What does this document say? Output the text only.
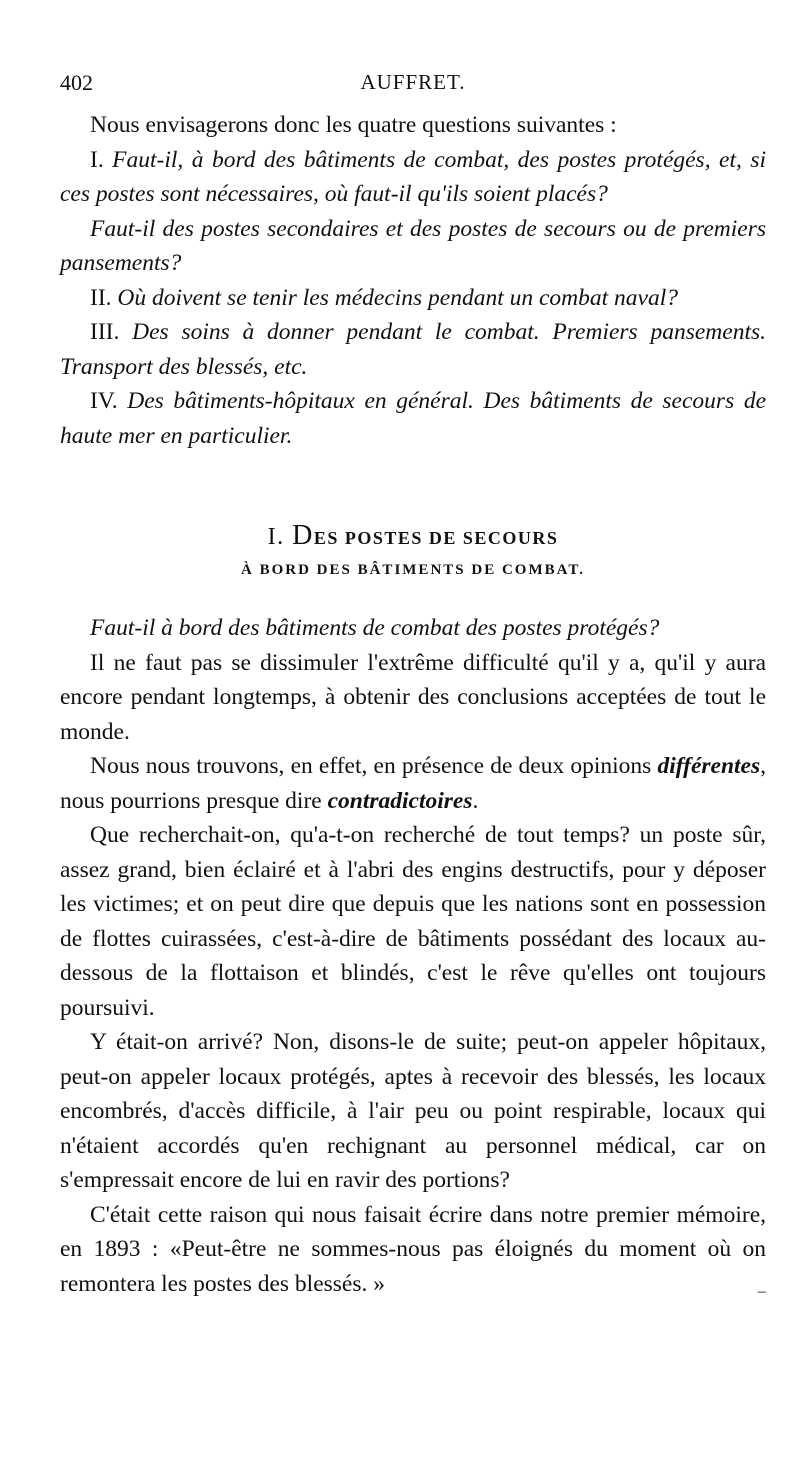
402	AUFFRET.

Nous envisagerons donc les quatre questions suivantes :

I. Faut-il, à bord des bâtiments de combat, des postes protégés, et, si ces postes sont nécessaires, où faut-il qu'ils soient placés?

Faut-il des postes secondaires et des postes de secours ou de premiers pansements?

II. Où doivent se tenir les médecins pendant un combat naval?

III. Des soins à donner pendant le combat. Premiers pansements. Transport des blessés, etc.

IV. Des bâtiments-hôpitaux en général. Des bâtiments de secours de haute mer en particulier.

I. DES POSTES DE SECOURS
À BORD DES BÂTIMENTS DE COMBAT.

Faut-il à bord des bâtiments de combat des postes protégés?

Il ne faut pas se dissimuler l'extrême difficulté qu'il y a, qu'il y aura encore pendant longtemps, à obtenir des conclusions acceptées de tout le monde.

Nous nous trouvons, en effet, en présence de deux opinions différentes, nous pourrions presque dire contradictoires.

Que recherchait-on, qu'a-t-on recherché de tout temps? un poste sûr, assez grand, bien éclairé et à l'abri des engins destructifs, pour y déposer les victimes; et on peut dire que depuis que les nations sont en possession de flottes cuirassées, c'est-à-dire de bâtiments possédant des locaux au-dessous de la flottaison et blindés, c'est le rêve qu'elles ont toujours poursuivi.

Y était-on arrivé? Non, disons-le de suite; peut-on appeler hôpitaux, peut-on appeler locaux protégés, aptes à recevoir des blessés, les locaux encombrés, d'accès difficile, à l'air peu ou point respirable, locaux qui n'étaient accordés qu'en rechignant au personnel médical, car on s'empressait encore de lui en ravir des portions?

C'était cette raison qui nous faisait écrire dans notre premier mémoire, en 1893 : «Peut-être ne sommes-nous pas éloignés du moment où on remontera les postes des blessés. »	–
